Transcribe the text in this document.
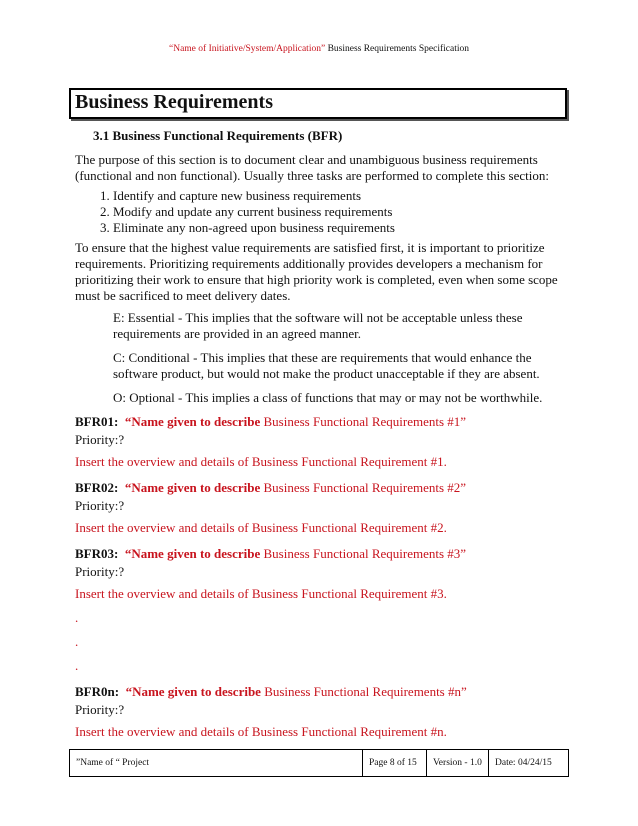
“Name of Initiative/System/Application” Business Requirements Specification
Business Requirements
3.1 Business Functional Requirements (BFR)

The purpose of this section is to document clear and unambiguous business requirements (functional and non functional). Usually three tasks are performed to complete this section:

1. Identify and capture new business requirements
2. Modify and update any current business requirements
3. Eliminate any non-agreed upon business requirements

To ensure that the highest value requirements are satisfied first, it is important to prioritize requirements. Prioritizing requirements additionally provides developers a mechanism for prioritizing their work to ensure that high priority work is completed, even when some scope must be sacrificed to meet delivery dates.

E: Essential - This implies that the software will not be acceptable unless these requirements are provided in an agreed manner.

C: Conditional - This implies that these are requirements that would enhance the software product, but would not make the product unacceptable if they are absent.

O: Optional - This implies a class of functions that may or may not be worthwhile.

BFR01: “Name given to describe Business Functional Requirements #1”
Priority:?
Insert the overview and details of Business Functional Requirement #1.
BFR02: “Name given to describe Business Functional Requirements #2”
Priority:?
Insert the overview and details of Business Functional Requirement #2.
BFR03: “Name given to describe Business Functional Requirements #3”
Priority:?
Insert the overview and details of Business Functional Requirement #3.
.
.
.
BFR0n: “Name given to describe Business Functional Requirements #n”
Priority:?
Insert the overview and details of Business Functional Requirement #n.
”Name of “ Project	Page 8 of 15	Version - 1.0	Date: 04/24/15
